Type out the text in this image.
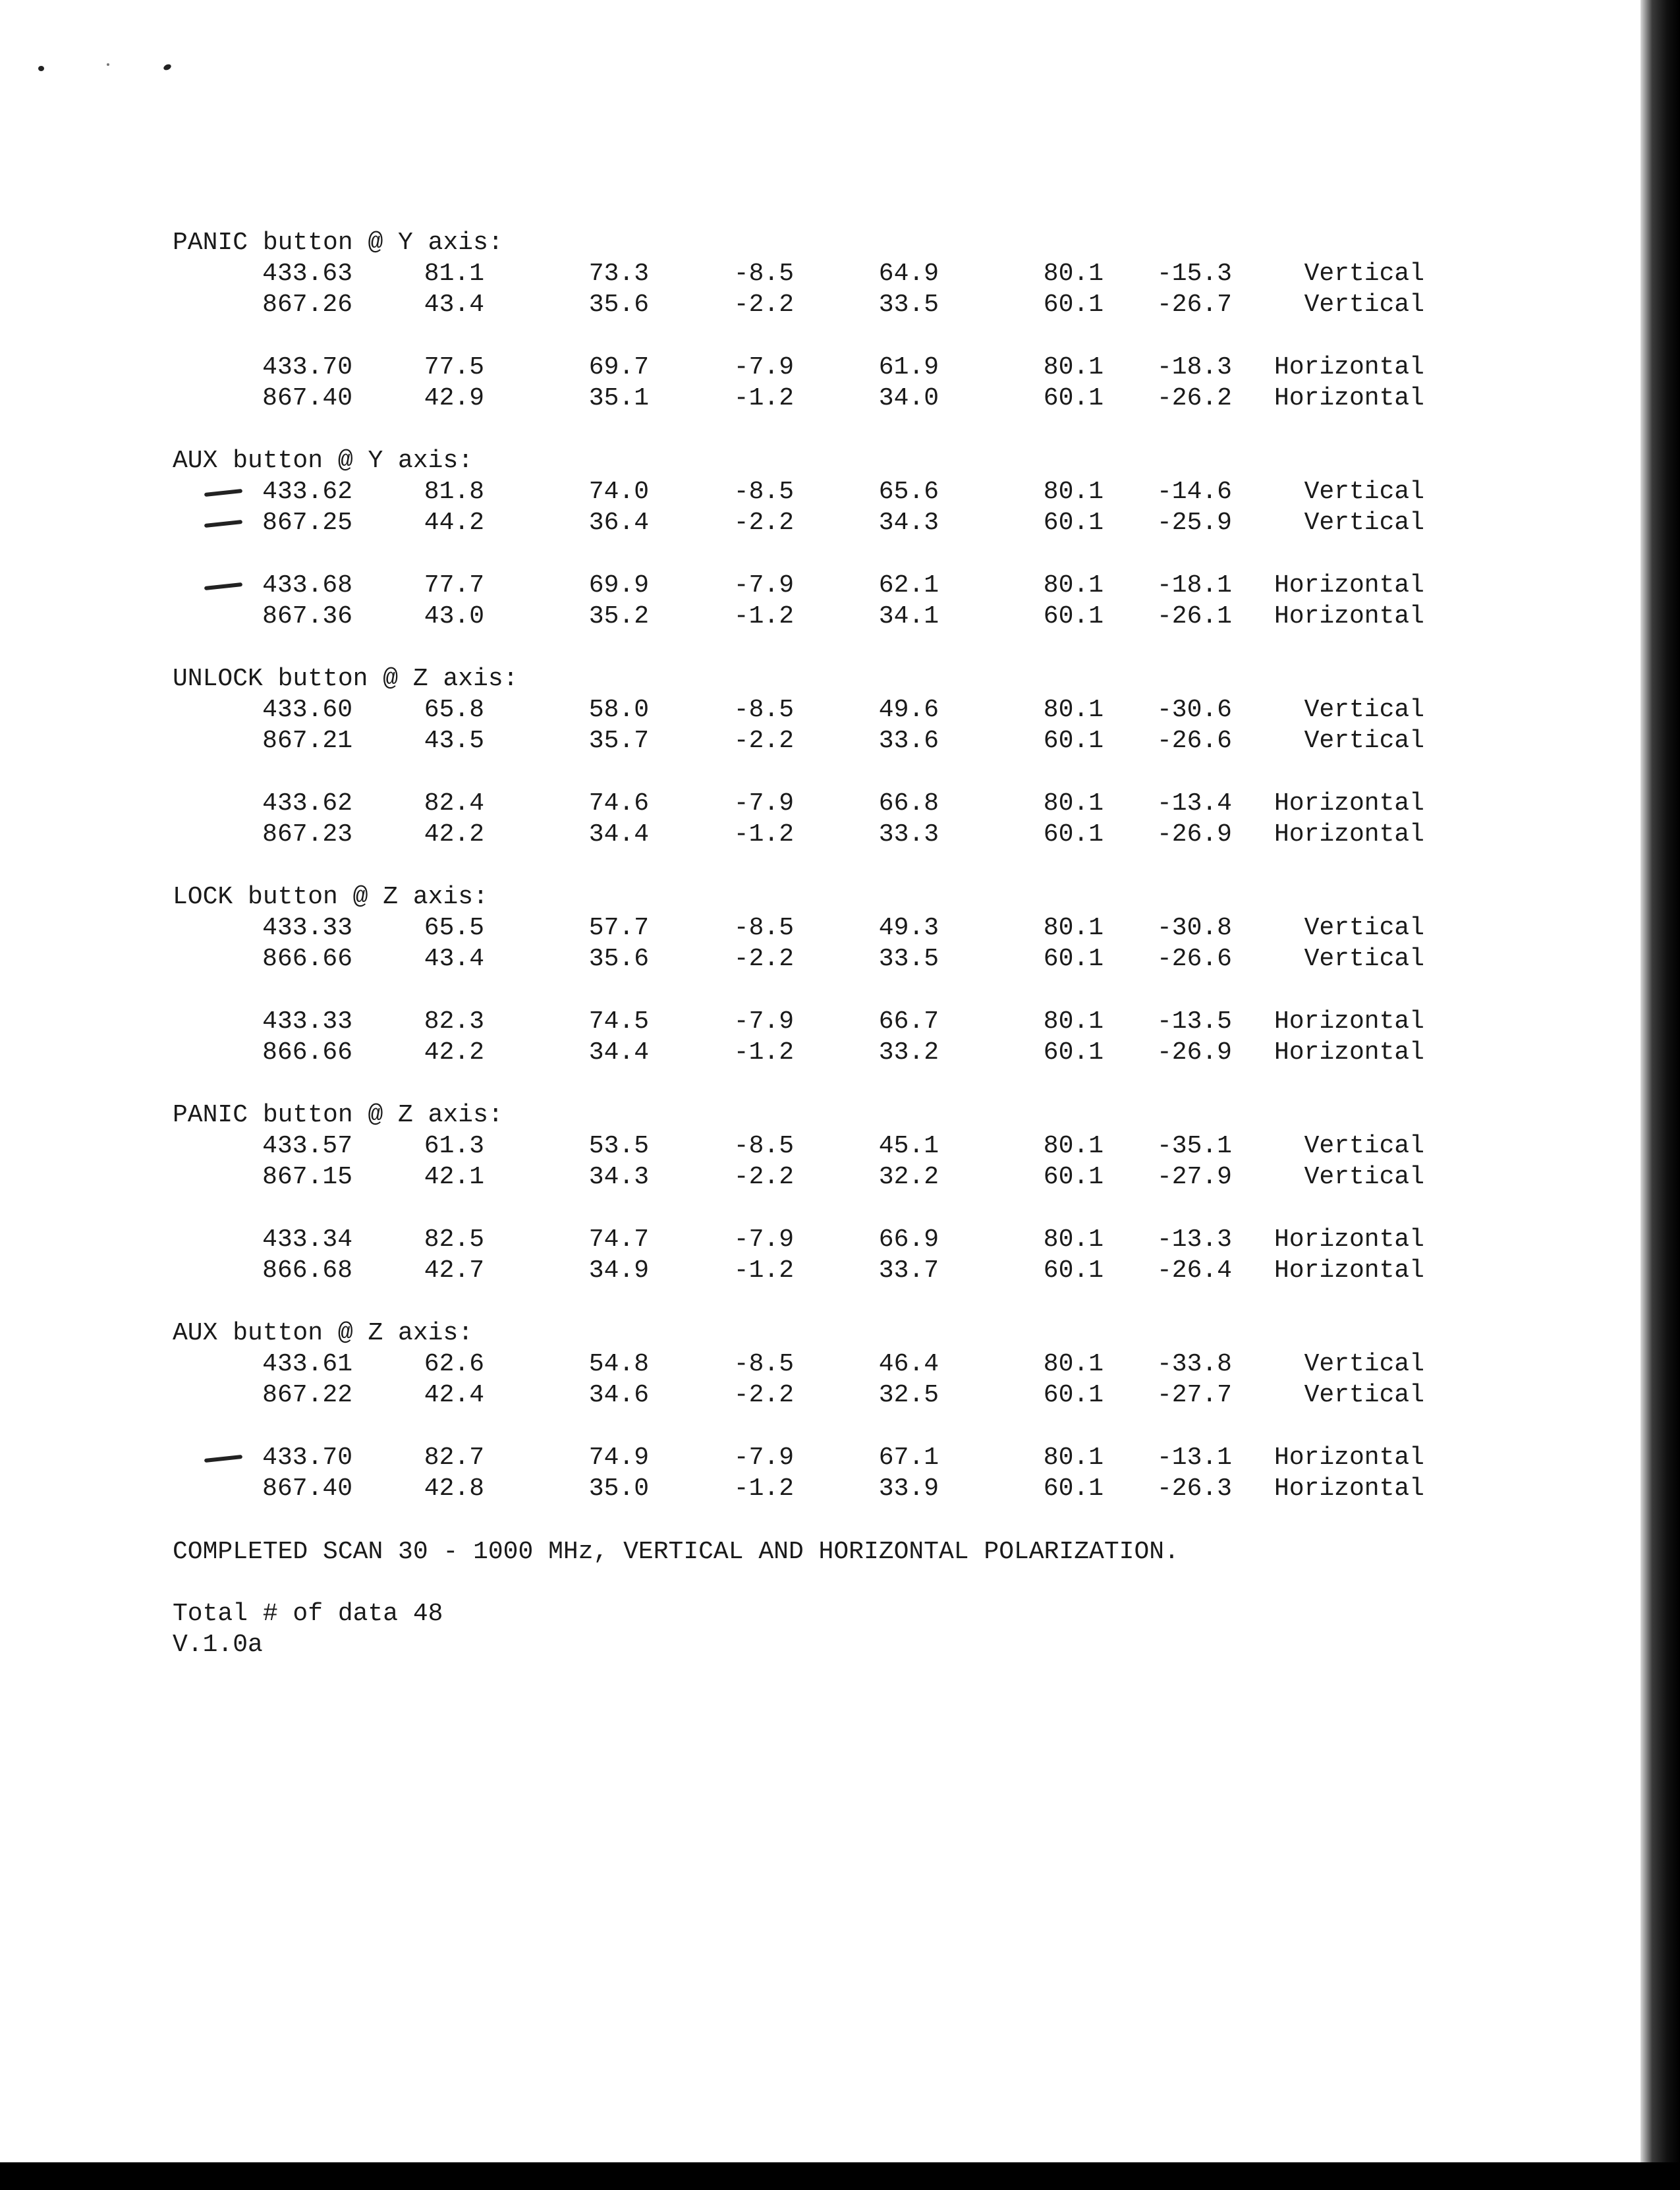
PANIC button @ Y axis:
433.63	81.1	73.3	-8.5	64.9	80.1	-15.3	Vertical
867.26	43.4	35.6	-2.2	33.5	60.1	-26.7	Vertical
433.70	77.5	69.7	-7.9	61.9	80.1	-18.3	Horizontal
867.40	42.9	35.1	-1.2	34.0	60.1	-26.2	Horizontal
AUX button @ Y axis:
433.62	81.8	74.0	-8.5	65.6	80.1	-14.6	Vertical
867.25	44.2	36.4	-2.2	34.3	60.1	-25.9	Vertical
433.68	77.7	69.9	-7.9	62.1	80.1	-18.1	Horizontal
867.36	43.0	35.2	-1.2	34.1	60.1	-26.1	Horizontal
UNLOCK button @ Z axis:
433.60	65.8	58.0	-8.5	49.6	80.1	-30.6	Vertical
867.21	43.5	35.7	-2.2	33.6	60.1	-26.6	Vertical
433.62	82.4	74.6	-7.9	66.8	80.1	-13.4	Horizontal
867.23	42.2	34.4	-1.2	33.3	60.1	-26.9	Horizontal
LOCK button @ Z axis:
433.33	65.5	57.7	-8.5	49.3	80.1	-30.8	Vertical
866.66	43.4	35.6	-2.2	33.5	60.1	-26.6	Vertical
433.33	82.3	74.5	-7.9	66.7	80.1	-13.5	Horizontal
866.66	42.2	34.4	-1.2	33.2	60.1	-26.9	Horizontal
PANIC button @ Z axis:
433.57	61.3	53.5	-8.5	45.1	80.1	-35.1	Vertical
867.15	42.1	34.3	-2.2	32.2	60.1	-27.9	Vertical
433.34	82.5	74.7	-7.9	66.9	80.1	-13.3	Horizontal
866.68	42.7	34.9	-1.2	33.7	60.1	-26.4	Horizontal
AUX button @ Z axis:
433.61	62.6	54.8	-8.5	46.4	80.1	-33.8	Vertical
867.22	42.4	34.6	-2.2	32.5	60.1	-27.7	Vertical
433.70	82.7	74.9	-7.9	67.1	80.1	-13.1	Horizontal
867.40	42.8	35.0	-1.2	33.9	60.1	-26.3	Horizontal
COMPLETED SCAN 30 - 1000 MHz, VERTICAL AND HORIZONTAL POLARIZATION.
Total # of data 48
V.1.0a
